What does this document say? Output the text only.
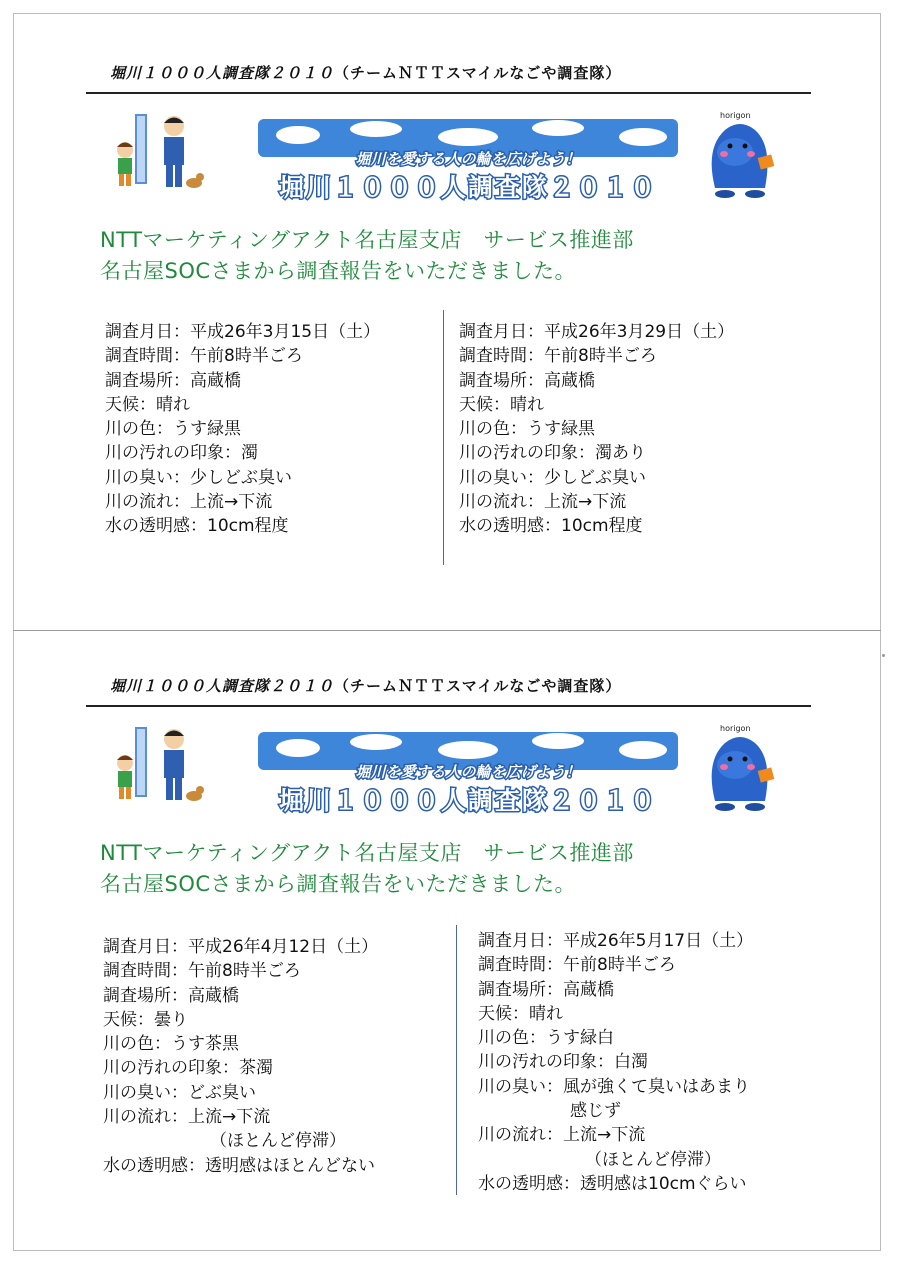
堀川１０００人調査隊２０１０（チームＮＴＴスマイルなごや調査隊）
堀川を愛する人の輪を広げよう！
堀川１０００人調査隊２０１０
horigon
NTTマーケティングアクト名古屋支店　サービス推進部
名古屋SOCさまから調査報告をいただきました。
調査月日：平成26年3月15日（土）
調査時間：午前8時半ごろ
調査場所：高蔵橋
天候：晴れ
川の色：うす緑黒
川の汚れの印象：濁
川の臭い：少しどぶ臭い
川の流れ：上流→下流
水の透明感：10cm程度
調査月日：平成26年3月29日（土）
調査時間：午前8時半ごろ
調査場所：高蔵橋
天候：晴れ
川の色：うす緑黒
川の汚れの印象：濁あり
川の臭い：少しどぶ臭い
川の流れ：上流→下流
水の透明感：10cm程度
堀川１０００人調査隊２０１０（チームＮＴＴスマイルなごや調査隊）
堀川を愛する人の輪を広げよう！
堀川１０００人調査隊２０１０
horigon
NTTマーケティングアクト名古屋支店　サービス推進部
名古屋SOCさまから調査報告をいただきました。
調査月日：平成26年4月12日（土）
調査時間：午前8時半ごろ
調査場所：高蔵橋
天候：曇り
川の色：うす茶黒
川の汚れの印象：茶濁
川の臭い：どぶ臭い
川の流れ：上流→下流
（ほとんど停滞）
水の透明感：透明感はほとんどない
調査月日：平成26年5月17日（土）
調査時間：午前8時半ごろ
調査場所：高蔵橋
天候：晴れ
川の色：うす緑白
川の汚れの印象：白濁
川の臭い：風が強くて臭いはあまり
感じず
川の流れ：上流→下流
（ほとんど停滞）
水の透明感：透明感は10cmぐらい
